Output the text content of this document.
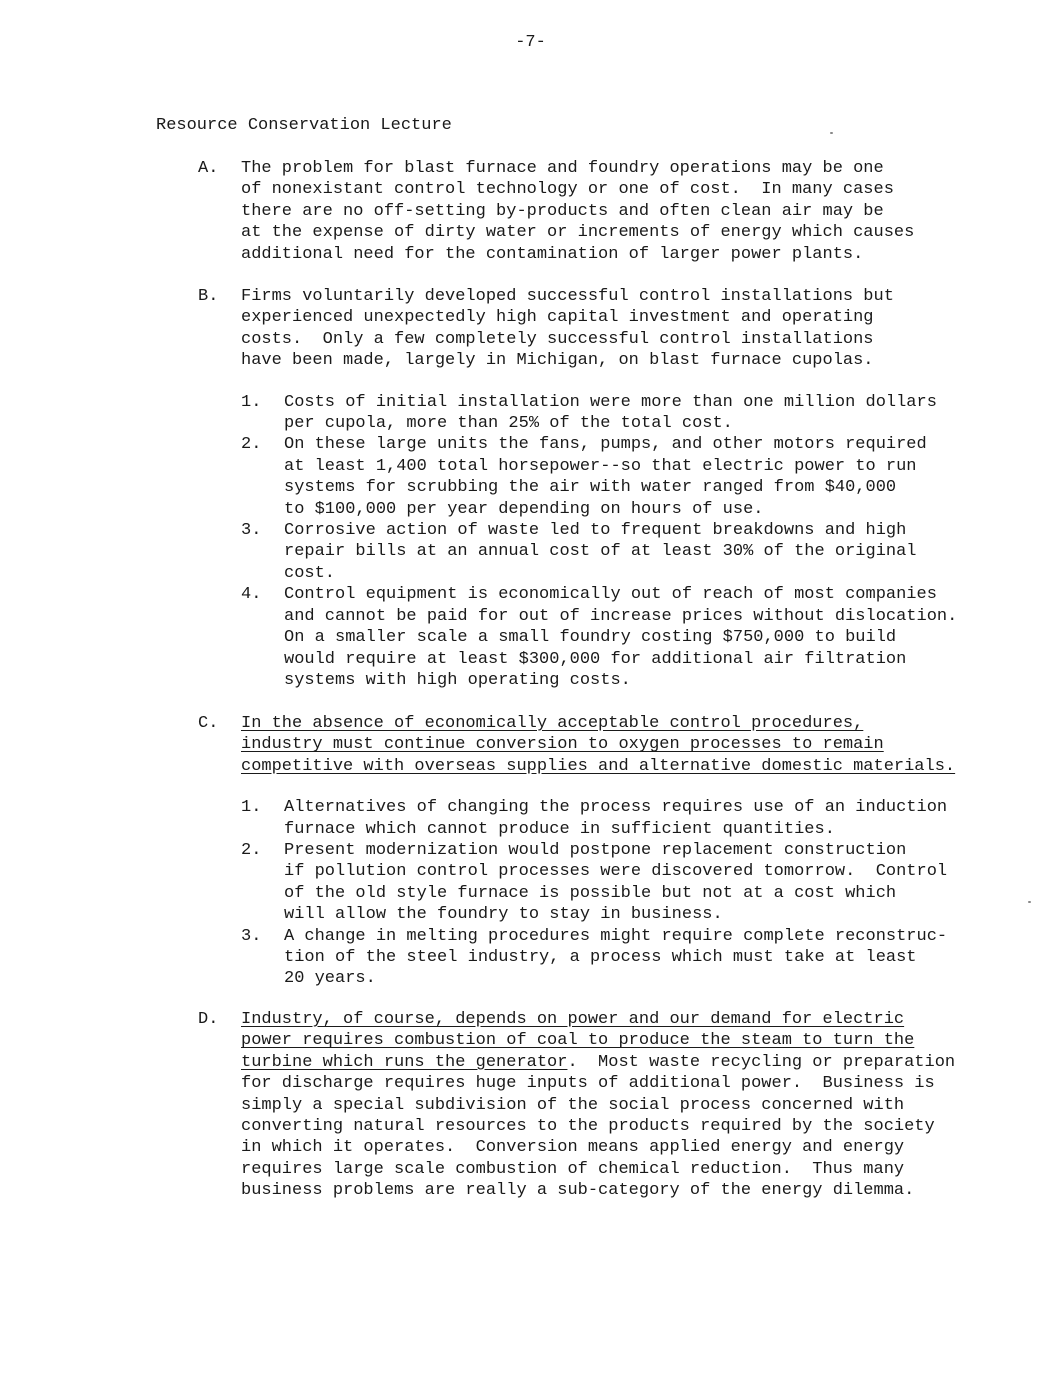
-7-
Resource Conservation Lecture
A. The problem for blast furnace and foundry operations may be one
of nonexistant control technology or one of cost.  In many cases
there are no off-setting by-products and often clean air may be
at the expense of dirty water or increments of energy which causes
additional need for the contamination of larger power plants.
B. Firms voluntarily developed successful control installations but
experienced unexpectedly high capital investment and operating
costs.  Only a few completely successful control installations
have been made, largely in Michigan, on blast furnace cupolas.
1. Costs of initial installation were more than one million dollars
per cupola, more than 25% of the total cost.
2. On these large units the fans, pumps, and other motors required
at least 1,400 total horsepower--so that electric power to run
systems for scrubbing the air with water ranged from $40,000
to $100,000 per year depending on hours of use.
3. Corrosive action of waste led to frequent breakdowns and high
repair bills at an annual cost of at least 30% of the original
cost.
4. Control equipment is economically out of reach of most companies
and cannot be paid for out of increase prices without dislocation.
On a smaller scale a small foundry costing $750,000 to build
would require at least $300,000 for additional air filtration
systems with high operating costs.
C. In the absence of economically acceptable control procedures,
industry must continue conversion to oxygen processes to remain
competitive with overseas supplies and alternative domestic materials.
1. Alternatives of changing the process requires use of an induction
furnace which cannot produce in sufficient quantities.
2. Present modernization would postpone replacement construction
if pollution control processes were discovered tomorrow.  Control
of the old style furnace is possible but not at a cost which
will allow the foundry to stay in business.
3. A change in melting procedures might require complete reconstruc-
tion of the steel industry, a process which must take at least
20 years.
D. Industry, of course, depends on power and our demand for electric
power requires combustion of coal to produce the steam to turn the
turbine which runs the generator.  Most waste recycling or preparation
for discharge requires huge inputs of additional power.  Business is
simply a special subdivision of the social process concerned with
converting natural resources to the products required by the society
in which it operates.  Conversion means applied energy and energy
requires large scale combustion of chemical reduction.  Thus many
business problems are really a sub-category of the energy dilemma.
